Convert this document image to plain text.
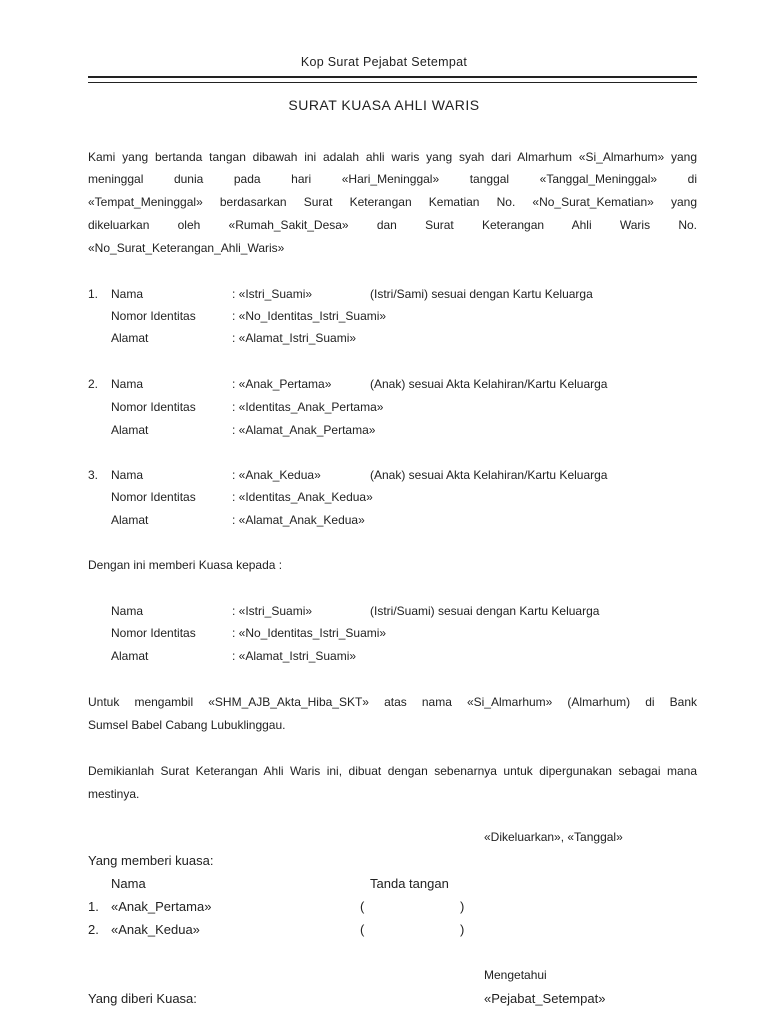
Kop Surat Pejabat Setempat
SURAT KUASA AHLI WARIS
Kami yang bertanda tangan dibawah ini adalah ahli waris yang syah dari Almarhum «Si_Almarhum» yang
meninggal dunia pada hari «Hari_Meninggal» tanggal «Tanggal_Meninggal» di
«Tempat_Meninggal» berdasarkan Surat Keterangan Kematian No. «No_Surat_Kematian» yang
dikeluarkan oleh «Rumah_Sakit_Desa» dan Surat Keterangan Ahli Waris No.
«No_Surat_Keterangan_Ahli_Waris»
1. Nama	: «Istri_Suami»	(Istri/Sami) sesuai dengan Kartu Keluarga
Nomor Identitas	: «No_Identitas_Istri_Suami»
Alamat	: «Alamat_Istri_Suami»
2. Nama	: «Anak_Pertama»	(Anak) sesuai Akta Kelahiran/Kartu Keluarga
Nomor Identitas	: «Identitas_Anak_Pertama»
Alamat	: «Alamat_Anak_Pertama»
3. Nama	: «Anak_Kedua»	(Anak) sesuai Akta Kelahiran/Kartu Keluarga
Nomor Identitas	: «Identitas_Anak_Kedua»
Alamat	: «Alamat_Anak_Kedua»
Dengan ini memberi Kuasa kepada :
Nama	: «Istri_Suami»	(Istri/Suami) sesuai dengan Kartu Keluarga
Nomor Identitas	: «No_Identitas_Istri_Suami»
Alamat	: «Alamat_Istri_Suami»
Untuk mengambil «SHM_AJB_Akta_Hiba_SKT» atas nama «Si_Almarhum» (Almarhum) di Bank
Sumsel Babel Cabang Lubuklinggau.
Demikianlah Surat Keterangan Ahli Waris ini, dibuat dengan sebenarnya untuk dipergunakan sebagai mana
mestinya.
«Dikeluarkan», «Tanggal»
Yang memberi kuasa:
Nama	Tanda tangan
1. «Anak_Pertama»	(	)
2. «Anak_Kedua»	(	)
Mengetahui
Yang diberi Kuasa:	«Pejabat_Setempat»
